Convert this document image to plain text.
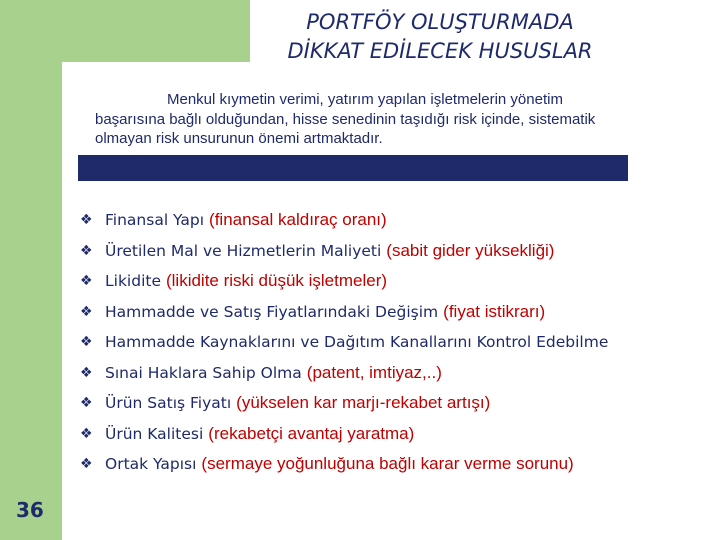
PORTFÖY OLUŞTURMADA
DİKKAT EDİLECEK HUSUSLAR
Menkul kıymetin verimi, yatırım yapılan işletmelerin yönetim başarısına bağlı olduğundan, hisse senedinin taşıdığı risk içinde, sistematik olmayan risk unsurunun önemi artmaktadır.
❖ Finansal Yapı (finansal kaldıraç oranı)
❖ Üretilen Mal ve Hizmetlerin Maliyeti (sabit gider yüksekliği)
❖ Likidite (likidite riski düşük işletmeler)
❖ Hammadde ve Satış Fiyatlarındaki Değişim (fiyat istikrarı)
❖ Hammadde Kaynaklarını ve Dağıtım Kanallarını Kontrol Edebilme
❖ Sınai Haklara Sahip Olma (patent, imtiyaz,..)
❖ Ürün Satış Fiyatı (yükselen kar marjı-rekabet artışı)
❖ Ürün Kalitesi (rekabetçi avantaj yaratma)
❖ Ortak Yapısı (sermaye yoğunluğuna bağlı karar verme sorunu)
36
